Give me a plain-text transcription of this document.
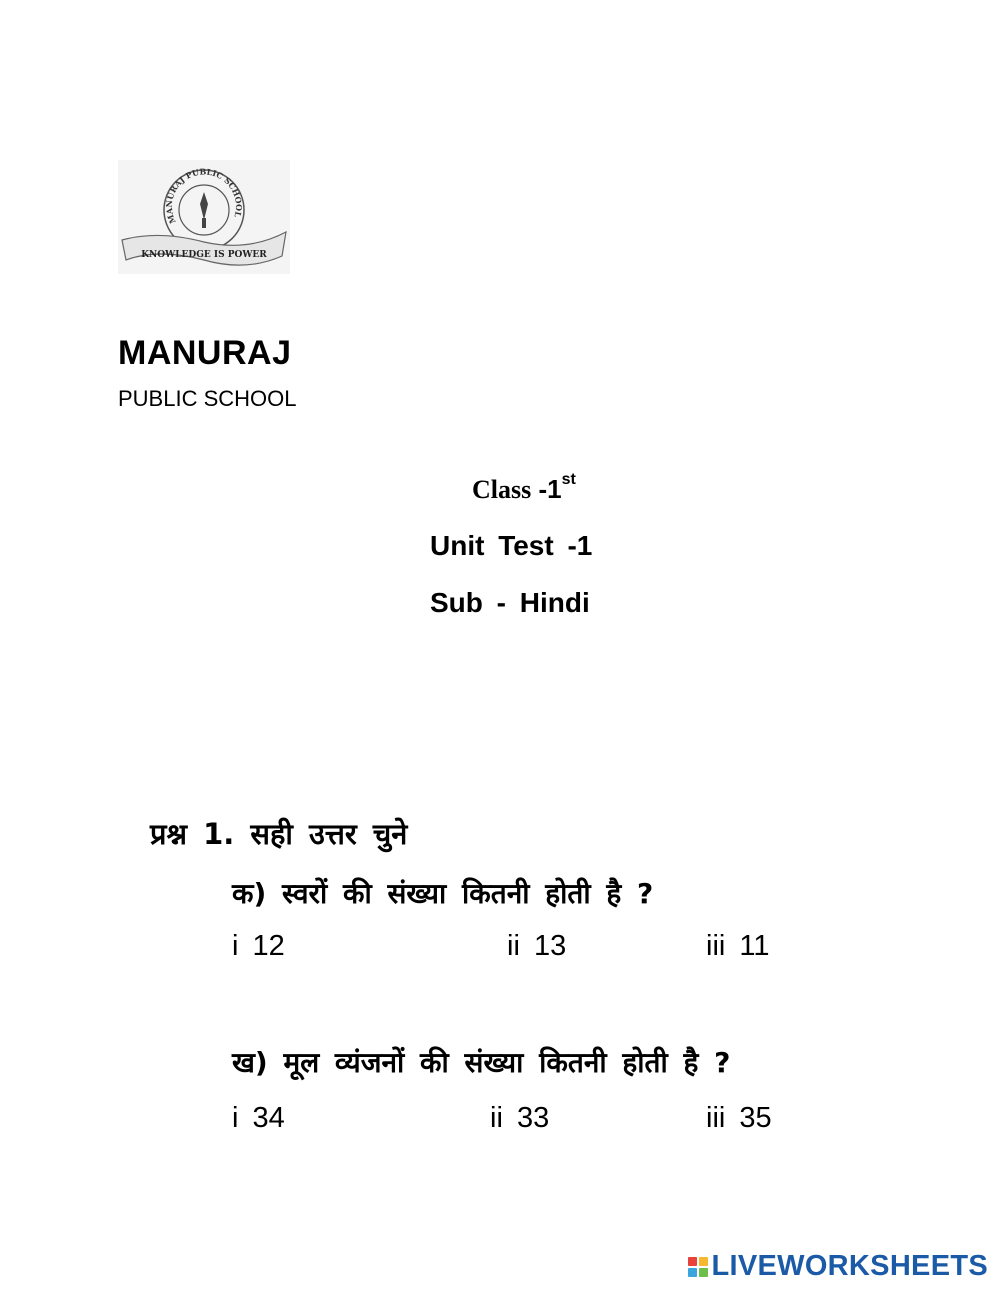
MANURAJ PUBLIC SCHOOL
KNOWLEDGE IS POWER
MANURAJ
PUBLIC SCHOOL
Class -1st
Unit Test -1
Sub - Hindi
प्रश्न 1. सही उत्तर चुने
क) स्वरों की संख्या कितनी होती है ?
i 12	ii 13	iii 11
ख) मूल व्यंजनों की संख्या कितनी होती है ?
i 34	ii 33	iii 35
LIVEWORKSHEETS
